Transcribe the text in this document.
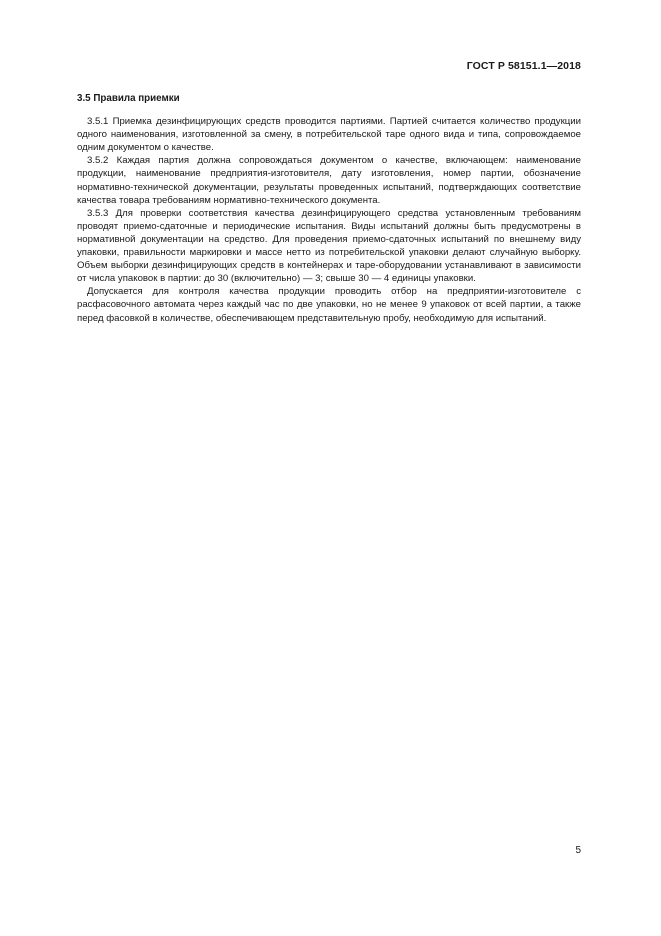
ГОСТ Р 58151.1—2018
3.5 Правила приемки

3.5.1 Приемка дезинфицирующих средств проводится партиями. Партией считается количество продукции одного наименования, изготовленной за смену, в потребительской таре одного вида и типа, сопровождаемое одним документом о качестве.

3.5.2 Каждая партия должна сопровождаться документом о качестве, включающем: наименование продукции, наименование предприятия-изготовителя, дату изготовления, номер партии, обозначение нормативно-технической документации, результаты проведенных испытаний, подтверждающих соответствие качества товара требованиям нормативно-технического документа.

3.5.3 Для проверки соответствия качества дезинфицирующего средства установленным требованиям проводят приемо-сдаточные и периодические испытания. Виды испытаний должны быть предусмотрены в нормативной документации на средство. Для проведения приемо-сдаточных испытаний по внешнему виду упаковки, правильности маркировки и массе нетто из потребительской упаковки делают случайную выборку. Объем выборки дезинфицирующих средств в контейнерах и таре-оборудовании устанавливают в зависимости от числа упаковок в партии: до 30 (включительно) — 3; свыше 30 — 4 единицы упаковки.

Допускается для контроля качества продукции проводить отбор на предприятии-изготовителе с расфасовочного автомата через каждый час по две упаковки, но не менее 9 упаковок от всей партии, а также перед фасовкой в количестве, обеспечивающем представительную пробу, необходимую для испытаний.

5
